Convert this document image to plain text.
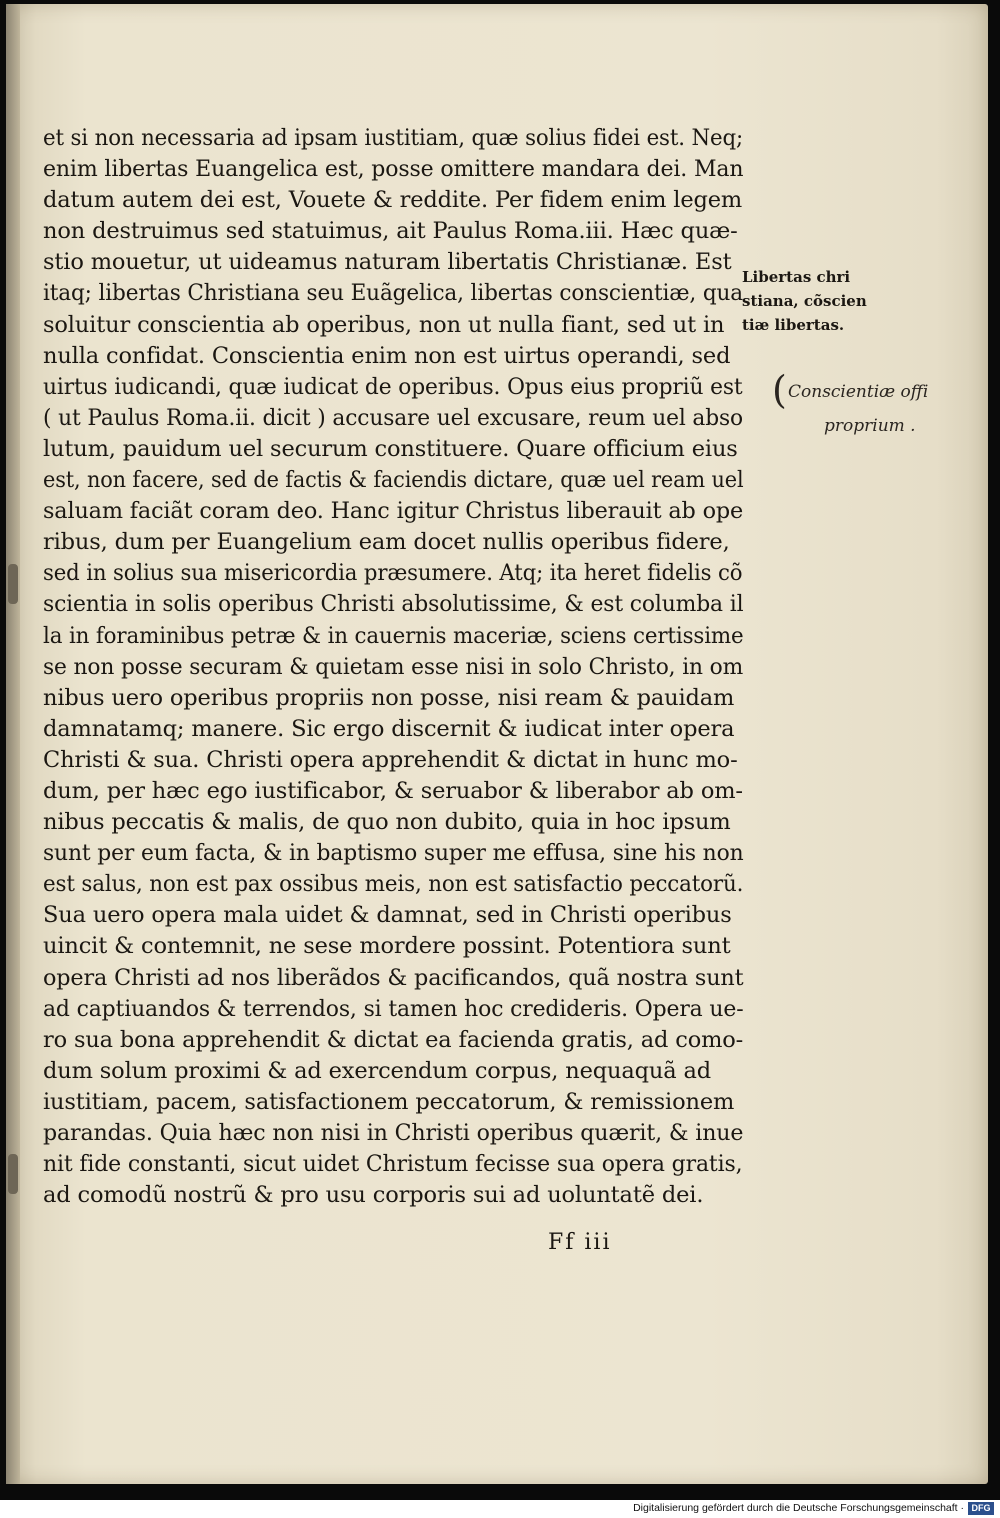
et si non necessaria ad ipsam iustitiam, quæ solius fidei est. Neq;
enim libertas Euangelica est, posse omittere mandara dei. Man
datum autem dei est, Vouete & reddite. Per fidem enim legem
non destruimus sed statuimus, ait Paulus Roma.iii. Hæc quæ-
stio mouetur, ut uideamus naturam libertatis Christianæ. Est
itaq; libertas Christiana seu Euãgelica, libertas conscientiæ, qua
soluitur conscientia ab operibus, non ut nulla fiant, sed ut in
nulla confidat. Conscientia enim non est uirtus operandi, sed
uirtus iudicandi, quæ iudicat de operibus. Opus eius propriũ est
( ut Paulus Roma.ii. dicit ) accusare uel excusare, reum uel abso
lutum, pauidum uel securum constituere. Quare officium eius
est, non facere, sed de factis & faciendis dictare, quæ uel ream uel
saluam faciãt coram deo. Hanc igitur Christus liberauit ab ope
ribus, dum per Euangelium eam docet nullis operibus fidere,
sed in solius sua misericordia præsumere. Atq; ita heret fidelis cõ
scientia in solis operibus Christi absolutissime, & est columba il
la in foraminibus petræ & in cauernis maceriæ, sciens certissime
se non posse securam & quietam esse nisi in solo Christo, in om
nibus uero operibus propriis non posse, nisi ream & pauidam
damnatamq; manere. Sic ergo discernit & iudicat inter opera
Christi & sua. Christi opera apprehendit & dictat in hunc mo-
dum, per hæc ego iustificabor, & seruabor & liberabor ab om-
nibus peccatis & malis, de quo non dubito, quia in hoc ipsum
sunt per eum facta, & in baptismo super me effusa, sine his non
est salus, non est pax ossibus meis, non est satisfactio peccatorũ.
Sua uero opera mala uidet & damnat, sed in Christi operibus
uincit & contemnit, ne sese mordere possint. Potentiora sunt
opera Christi ad nos liberãdos & pacificandos, quã nostra sunt
ad captiuandos & terrendos, si tamen hoc credideris. Opera ue-
ro sua bona apprehendit & dictat ea facienda gratis, ad como-
dum solum proximi & ad exercendum corpus, nequaquã ad
iustitiam, pacem, satisfactionem peccatorum, & remissionem
parandas. Quia hæc non nisi in Christi operibus quærit, & inue
nit fide constanti, sicut uidet Christum fecisse sua opera gratis,
ad comodũ nostrũ & pro usu corporis sui ad uoluntatẽ dei.
Libertas chri
stiana, cõscien
tiæ libertas.
( Conscientiæ offi
proprium .
Ff iii
Digitalisierung gefördert durch die Deutsche Forschungsgemeinschaft · DFG
